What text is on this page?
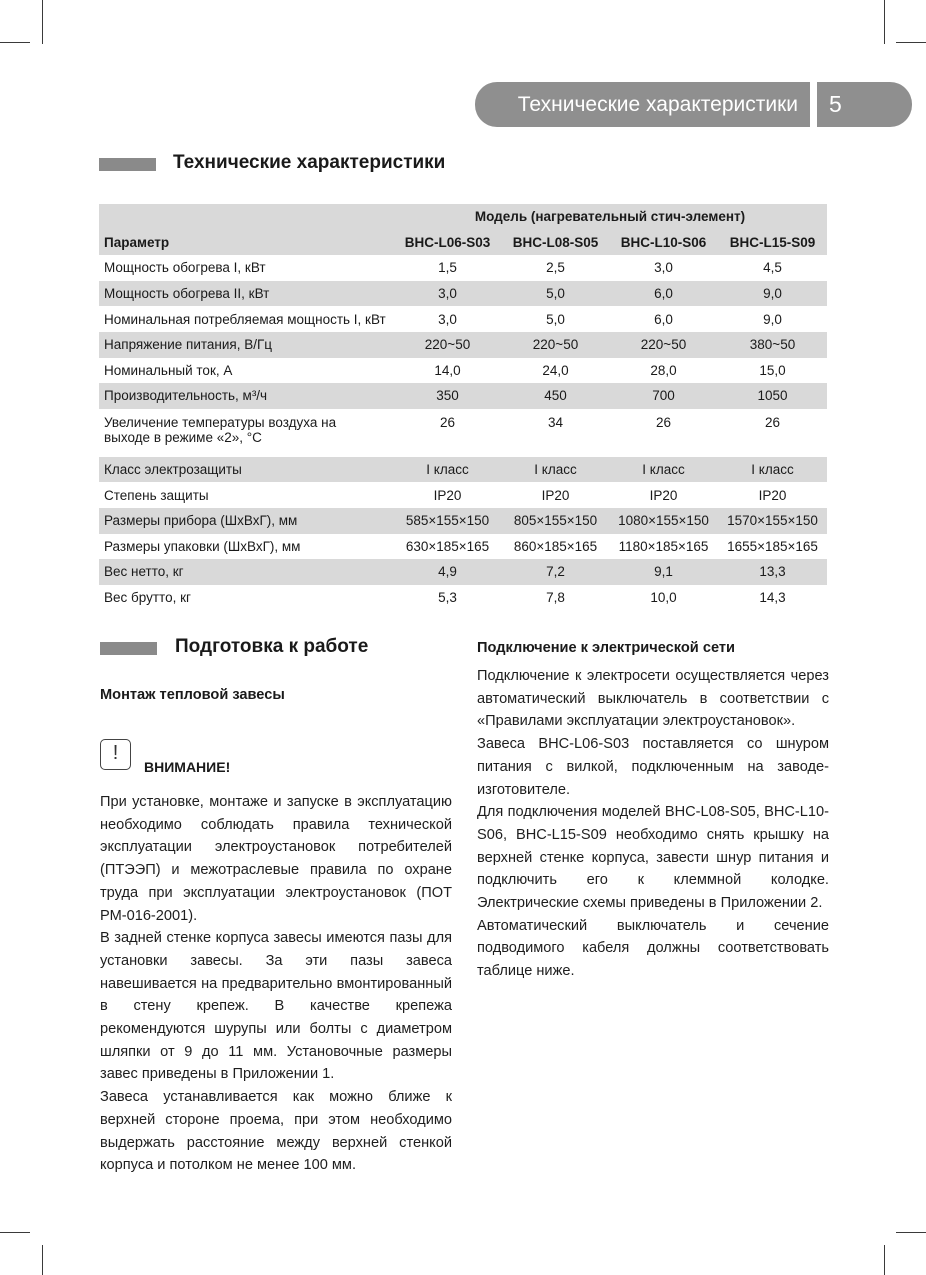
Технические характеристики	5
Технические характеристики
	Модель (нагревательный стич-элемент)			
Параметр	BHC-L06-S03	BHC-L08-S05	BHC-L10-S06	BHC-L15-S09
Мощность обогрева I, кВт	1,5	2,5	3,0	4,5
Мощность обогрева II, кВт	3,0	5,0	6,0	9,0
Номинальная потребляемая мощность I, кВт	3,0	5,0	6,0	9,0
Напряжение питания, В/Гц	220~50	220~50	220~50	380~50
Номинальный ток, А	14,0	24,0	28,0	15,0
Производительность, м³/ч	350	450	700	1050
Увеличение температуры воздуха на
выходе в режиме «2», °С	26	34	26	26
Класс электрозащиты	I класс	I класс	I класс	I класс
Степень защиты	IP20	IP20	IP20	IP20
Размеры прибора (ШхВхГ), мм	585×155×150	805×155×150	1080×155×150	1570×155×150
Размеры упаковки (ШхВхГ), мм	630×185×165	860×185×165	1180×185×165	1655×185×165
Вес нетто, кг	4,9	7,2	9,1	13,3
Вес брутто, кг	5,3	7,8	10,0	14,3
Подготовка к работе
Монтаж тепловой завесы
!
ВНИМАНИЕ!

При установке, монтаже и запуске в эксплуатацию необходимо соблюдать правила технической эксплуатации электроустановок потребителей (ПТЭЭП) и межотраслевые правила по охране труда при эксплуатации электроустановок (ПОТ РМ-016-2001).

В задней стенке корпуса завесы имеются пазы для установки завесы. За эти пазы завеса навешивается на предварительно вмонтированный в стену крепеж. В качестве крепежа рекомендуются шурупы или болты с диаметром шляпки от 9 до 11 мм. Установочные размеры завес приведены в Приложении 1.

Завеса устанавливается как можно ближе к верхней стороне проема, при этом необходимо выдержать расстояние между верхней стенкой корпуса и потолком не менее 100 мм.

Подключение к электрической сети

Подключение к электросети осуществляется через автоматический выключатель в соответствии с «Правилами эксплуатации электроустановок».

Завеса BHC-L06-S03 поставляется со шнуром питания с вилкой, подключенным на заводе-изготовителе.

Для подключения моделей BHC-L08-S05, BHC-L10-S06, BHC-L15-S09 необходимо снять крышку на верхней стенке корпуса, завести шнур питания и подключить его к клеммной колодке. Электрические схемы приведены в Приложении 2.

Автоматический выключатель и сечение подводимого кабеля должны соответствовать таблице ниже.
